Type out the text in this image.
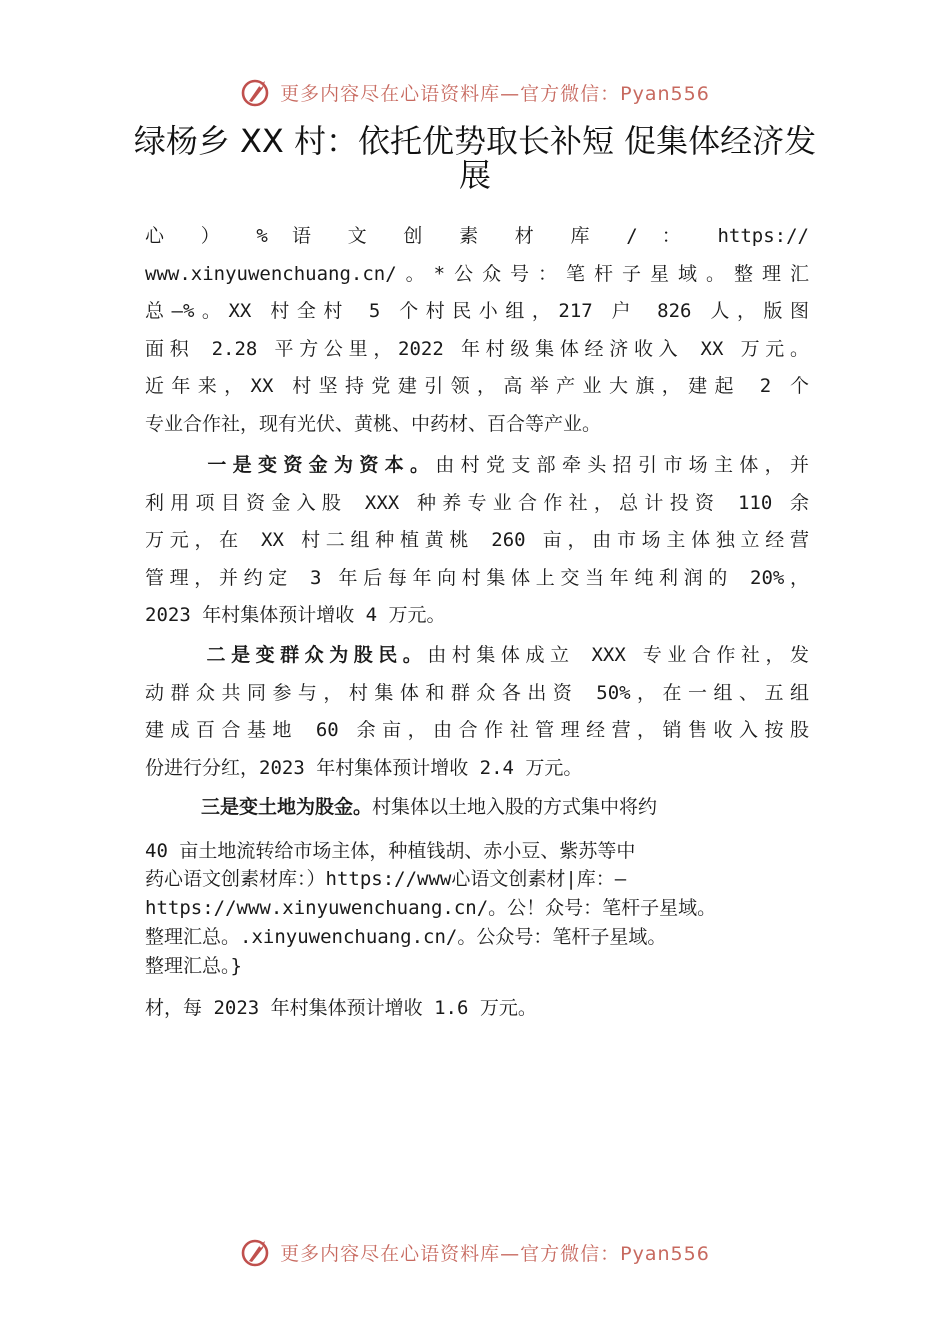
更多内容尽在心语资料库—官方微信：Pyan556
绿杨乡 XX 村：依托优势取长补短 促集体经济发展
心 ） % 语 文 创 素 材 库 / ： https://
www.xinyuwenchuang.cn/。*公众号：笔杆子星域。整理汇
总—%。XX 村全村 5 个村民小组，217 户 826 人，版图
面积 2.28 平方公里，2022 年村级集体经济收入 XX 万元。
近年来，XX 村坚持党建引领，高举产业大旗，建起 2 个
专业合作社，现有光伏、黄桃、中药材、百合等产业。
一是变资金为资本。由村党支部牵头招引市场主体，并
利用项目资金入股 XXX 种养专业合作社，总计投资 110 余
万元，在 XX 村二组种植黄桃 260 亩，由市场主体独立经营
管理，并约定 3 年后每年向村集体上交当年纯利润的 20%，
2023 年村集体预计增收 4 万元。
二是变群众为股民。由村集体成立 XXX 专业合作社，发
动群众共同参与，村集体和群众各出资 50%，在一组、五组
建成百合基地 60 余亩，由合作社管理经营，销售收入按股
份进行分红，2023 年村集体预计增收 2.4 万元。
三是变土地为股金。村集体以土地入股的方式集中将约

40 亩土地流转给市场主体，种植钱胡、赤小豆、紫苏等中

药心语文创素材库：）https://www心语文创素材|库：—
https://www.xinyuwenchuang.cn/。公！众号：笔杆子星域。
整理汇总。.xinyuwenchuang.cn/。公众号：笔杆子星域。
整理汇总。}

材，每 2023 年村集体预计增收 1.6 万元。

更多内容尽在心语资料库—官方微信：Pyan556
